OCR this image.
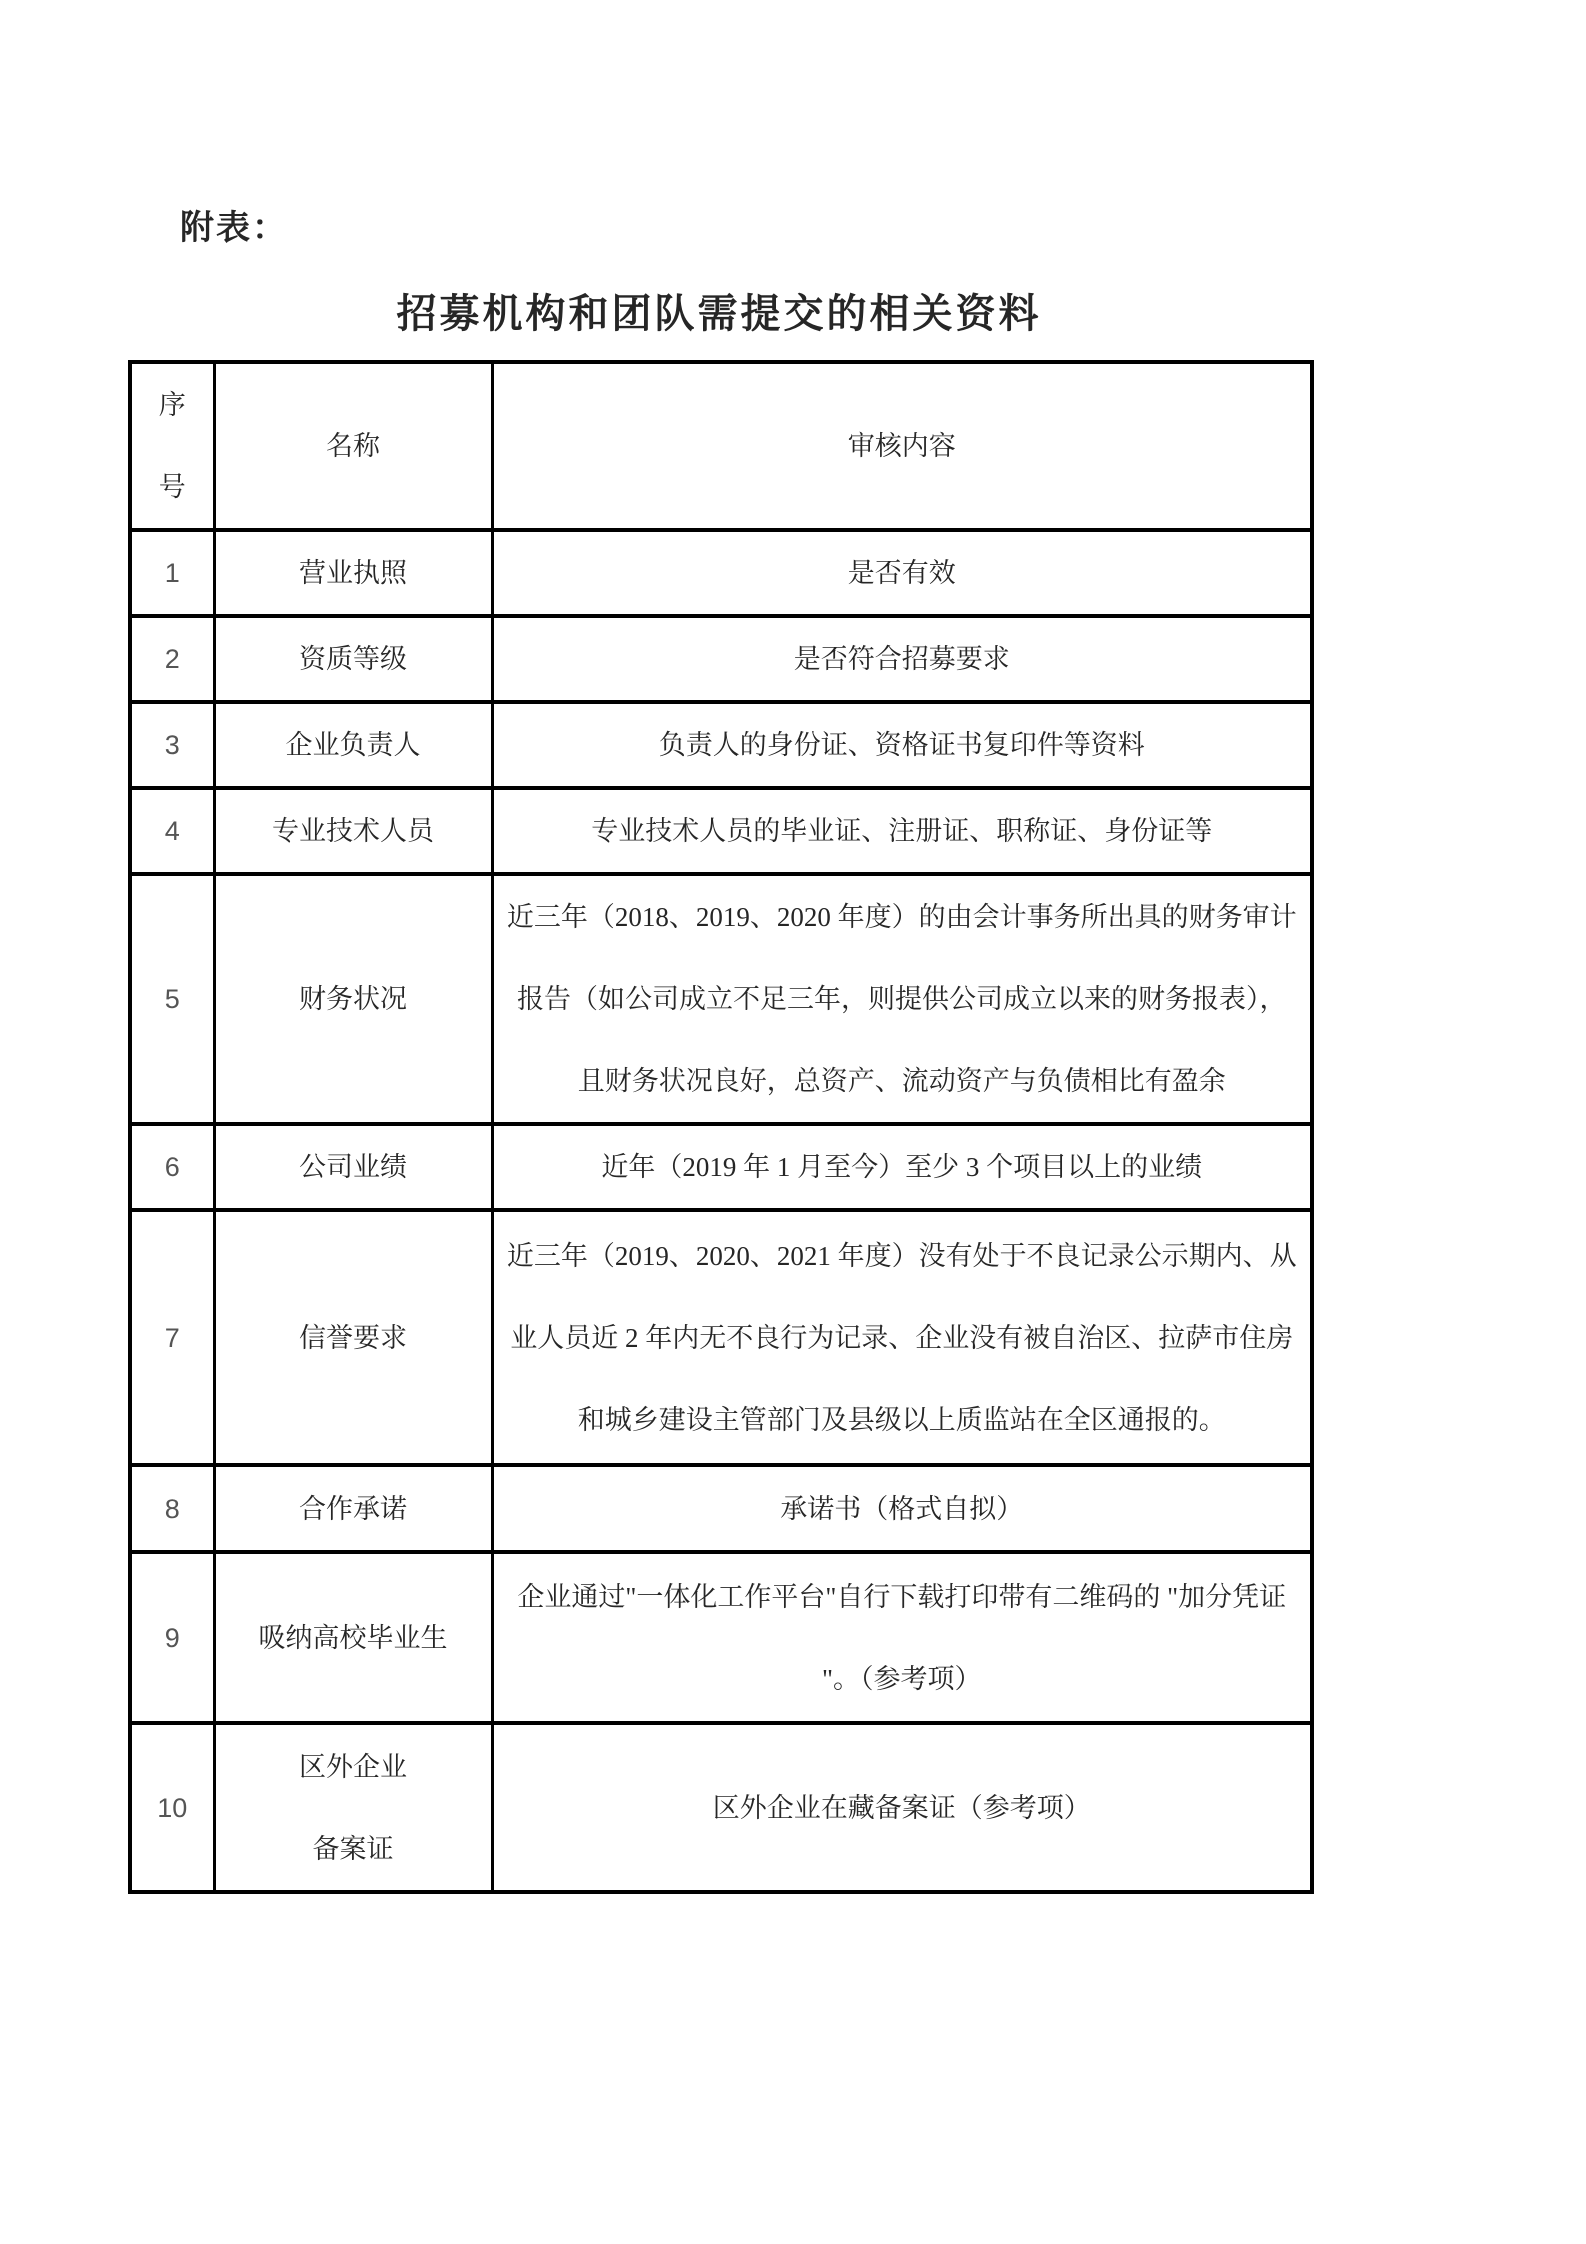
附表：
招募机构和团队需提交的相关资料
序
号	名称	审核内容

1	营业执照	是否有效

2	资质等级	是否符合招募要求

3	企业负责人	负责人的身份证、资格证书复印件等资料

4	专业技术人员	专业技术人员的毕业证、注册证、职称证、身份证等

5	财务状况	近三年（2018、2019、2020 年度）的由会计事务所出具的财务审计
报告（如公司成立不足三年，则提供公司成立以来的财务报表），
且财务状况良好，总资产、流动资产与负债相比有盈余

6	公司业绩	近年（2019 年 1 月至今）至少 3 个项目以上的业绩

7	信誉要求	近三年（2019、2020、2021 年度）没有处于不良记录公示期内、从
业人员近 2 年内无不良行为记录、企业没有被自治区、拉萨市住房
和城乡建设主管部门及县级以上质监站在全区通报的。

8	合作承诺	承诺书（格式自拟）

9	吸纳高校毕业生	企业通过"一体化工作平台"自行下载打印带有二维码的 "加分凭证
"。（参考项）

10	区外企业
备案证	区外企业在藏备案证（参考项）
